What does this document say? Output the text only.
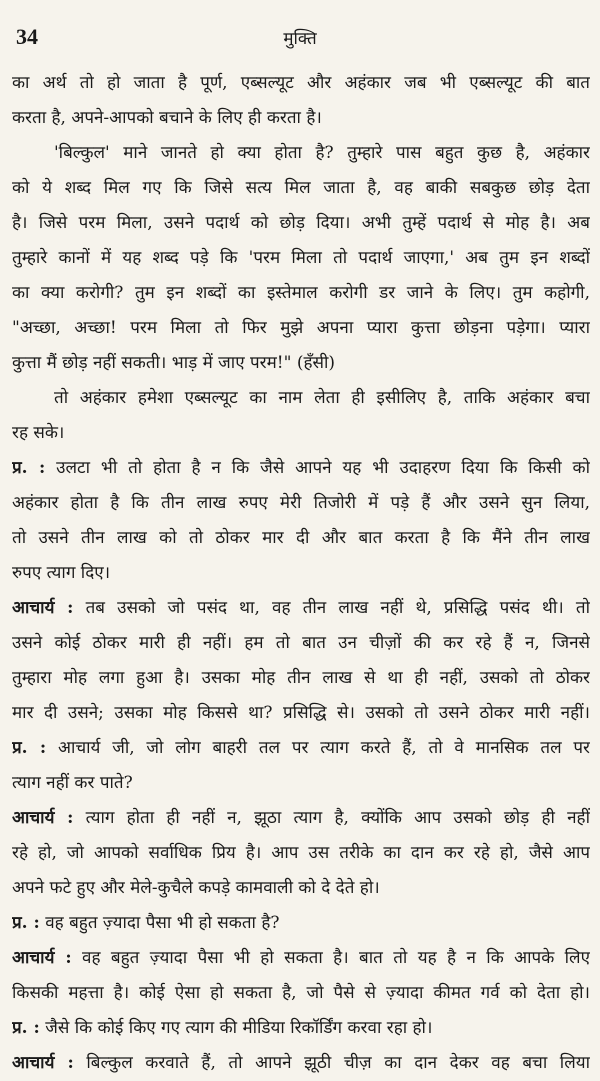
34	मुक्ति
का अर्थ तो हो जाता है पूर्ण, एब्सल्यूट और अहंकार जब भी एब्सल्यूट की बात
करता है, अपने-आपको बचाने के लिए ही करता है।
'बिल्कुल' माने जानते हो क्या होता है? तुम्हारे पास बहुत कुछ है, अहंकार
को ये शब्द मिल गए कि जिसे सत्य मिल जाता है, वह बाकी सबकुछ छोड़ देता
है। जिसे परम मिला, उसने पदार्थ को छोड़ दिया। अभी तुम्हें पदार्थ से मोह है। अब
तुम्हारे कानों में यह शब्द पड़े कि 'परम मिला तो पदार्थ जाएगा,' अब तुम इन शब्दों
का क्या करोगी? तुम इन शब्दों का इस्तेमाल करोगी डर जाने के लिए। तुम कहोगी,
"अच्छा, अच्छा! परम मिला तो फिर मुझे अपना प्यारा कुत्ता छोड़ना पड़ेगा। प्यारा
कुत्ता मैं छोड़ नहीं सकती। भाड़ में जाए परम!" (हँसी)
तो अहंकार हमेशा एब्सल्यूट का नाम लेता ही इसीलिए है, ताकि अहंकार बचा
रह सके।
प्र. : उलटा भी तो होता है न कि जैसे आपने यह भी उदाहरण दिया कि किसी को
अहंकार होता है कि तीन लाख रुपए मेरी तिजोरी में पड़े हैं और उसने सुन लिया,
तो उसने तीन लाख को तो ठोकर मार दी और बात करता है कि मैंने तीन लाख
रुपए त्याग दिए।
आचार्य : तब उसको जो पसंद था, वह तीन लाख नहीं थे, प्रसिद्धि पसंद थी। तो
उसने कोई ठोकर मारी ही नहीं। हम तो बात उन चीज़ों की कर रहे हैं न, जिनसे
तुम्हारा मोह लगा हुआ है। उसका मोह तीन लाख से था ही नहीं, उसको तो ठोकर
मार दी उसने; उसका मोह किससे था? प्रसिद्धि से। उसको तो उसने ठोकर मारी नहीं।
प्र. : आचार्य जी, जो लोग बाहरी तल पर त्याग करते हैं, तो वे मानसिक तल पर
त्याग नहीं कर पाते?
आचार्य : त्याग होता ही नहीं न, झूठा त्याग है, क्योंकि आप उसको छोड़ ही नहीं
रहे हो, जो आपको सर्वाधिक प्रिय है। आप उस तरीके का दान कर रहे हो, जैसे आप
अपने फटे हुए और मेले-कुचैले कपड़े कामवाली को दे देते हो।
प्र. : वह बहुत ज़्यादा पैसा भी हो सकता है?
आचार्य : वह बहुत ज़्यादा पैसा भी हो सकता है। बात तो यह है न कि आपके लिए
किसकी महत्ता है। कोई ऐसा हो सकता है, जो पैसे से ज़्यादा कीमत गर्व को देता हो।
प्र. : जैसे कि कोई किए गए त्याग की मीडिया रिकॉर्डिंग करवा रहा हो।
आचार्य : बिल्कुल करवाते हैं, तो आपने झूठी चीज़ का दान देकर वह बचा लिया
